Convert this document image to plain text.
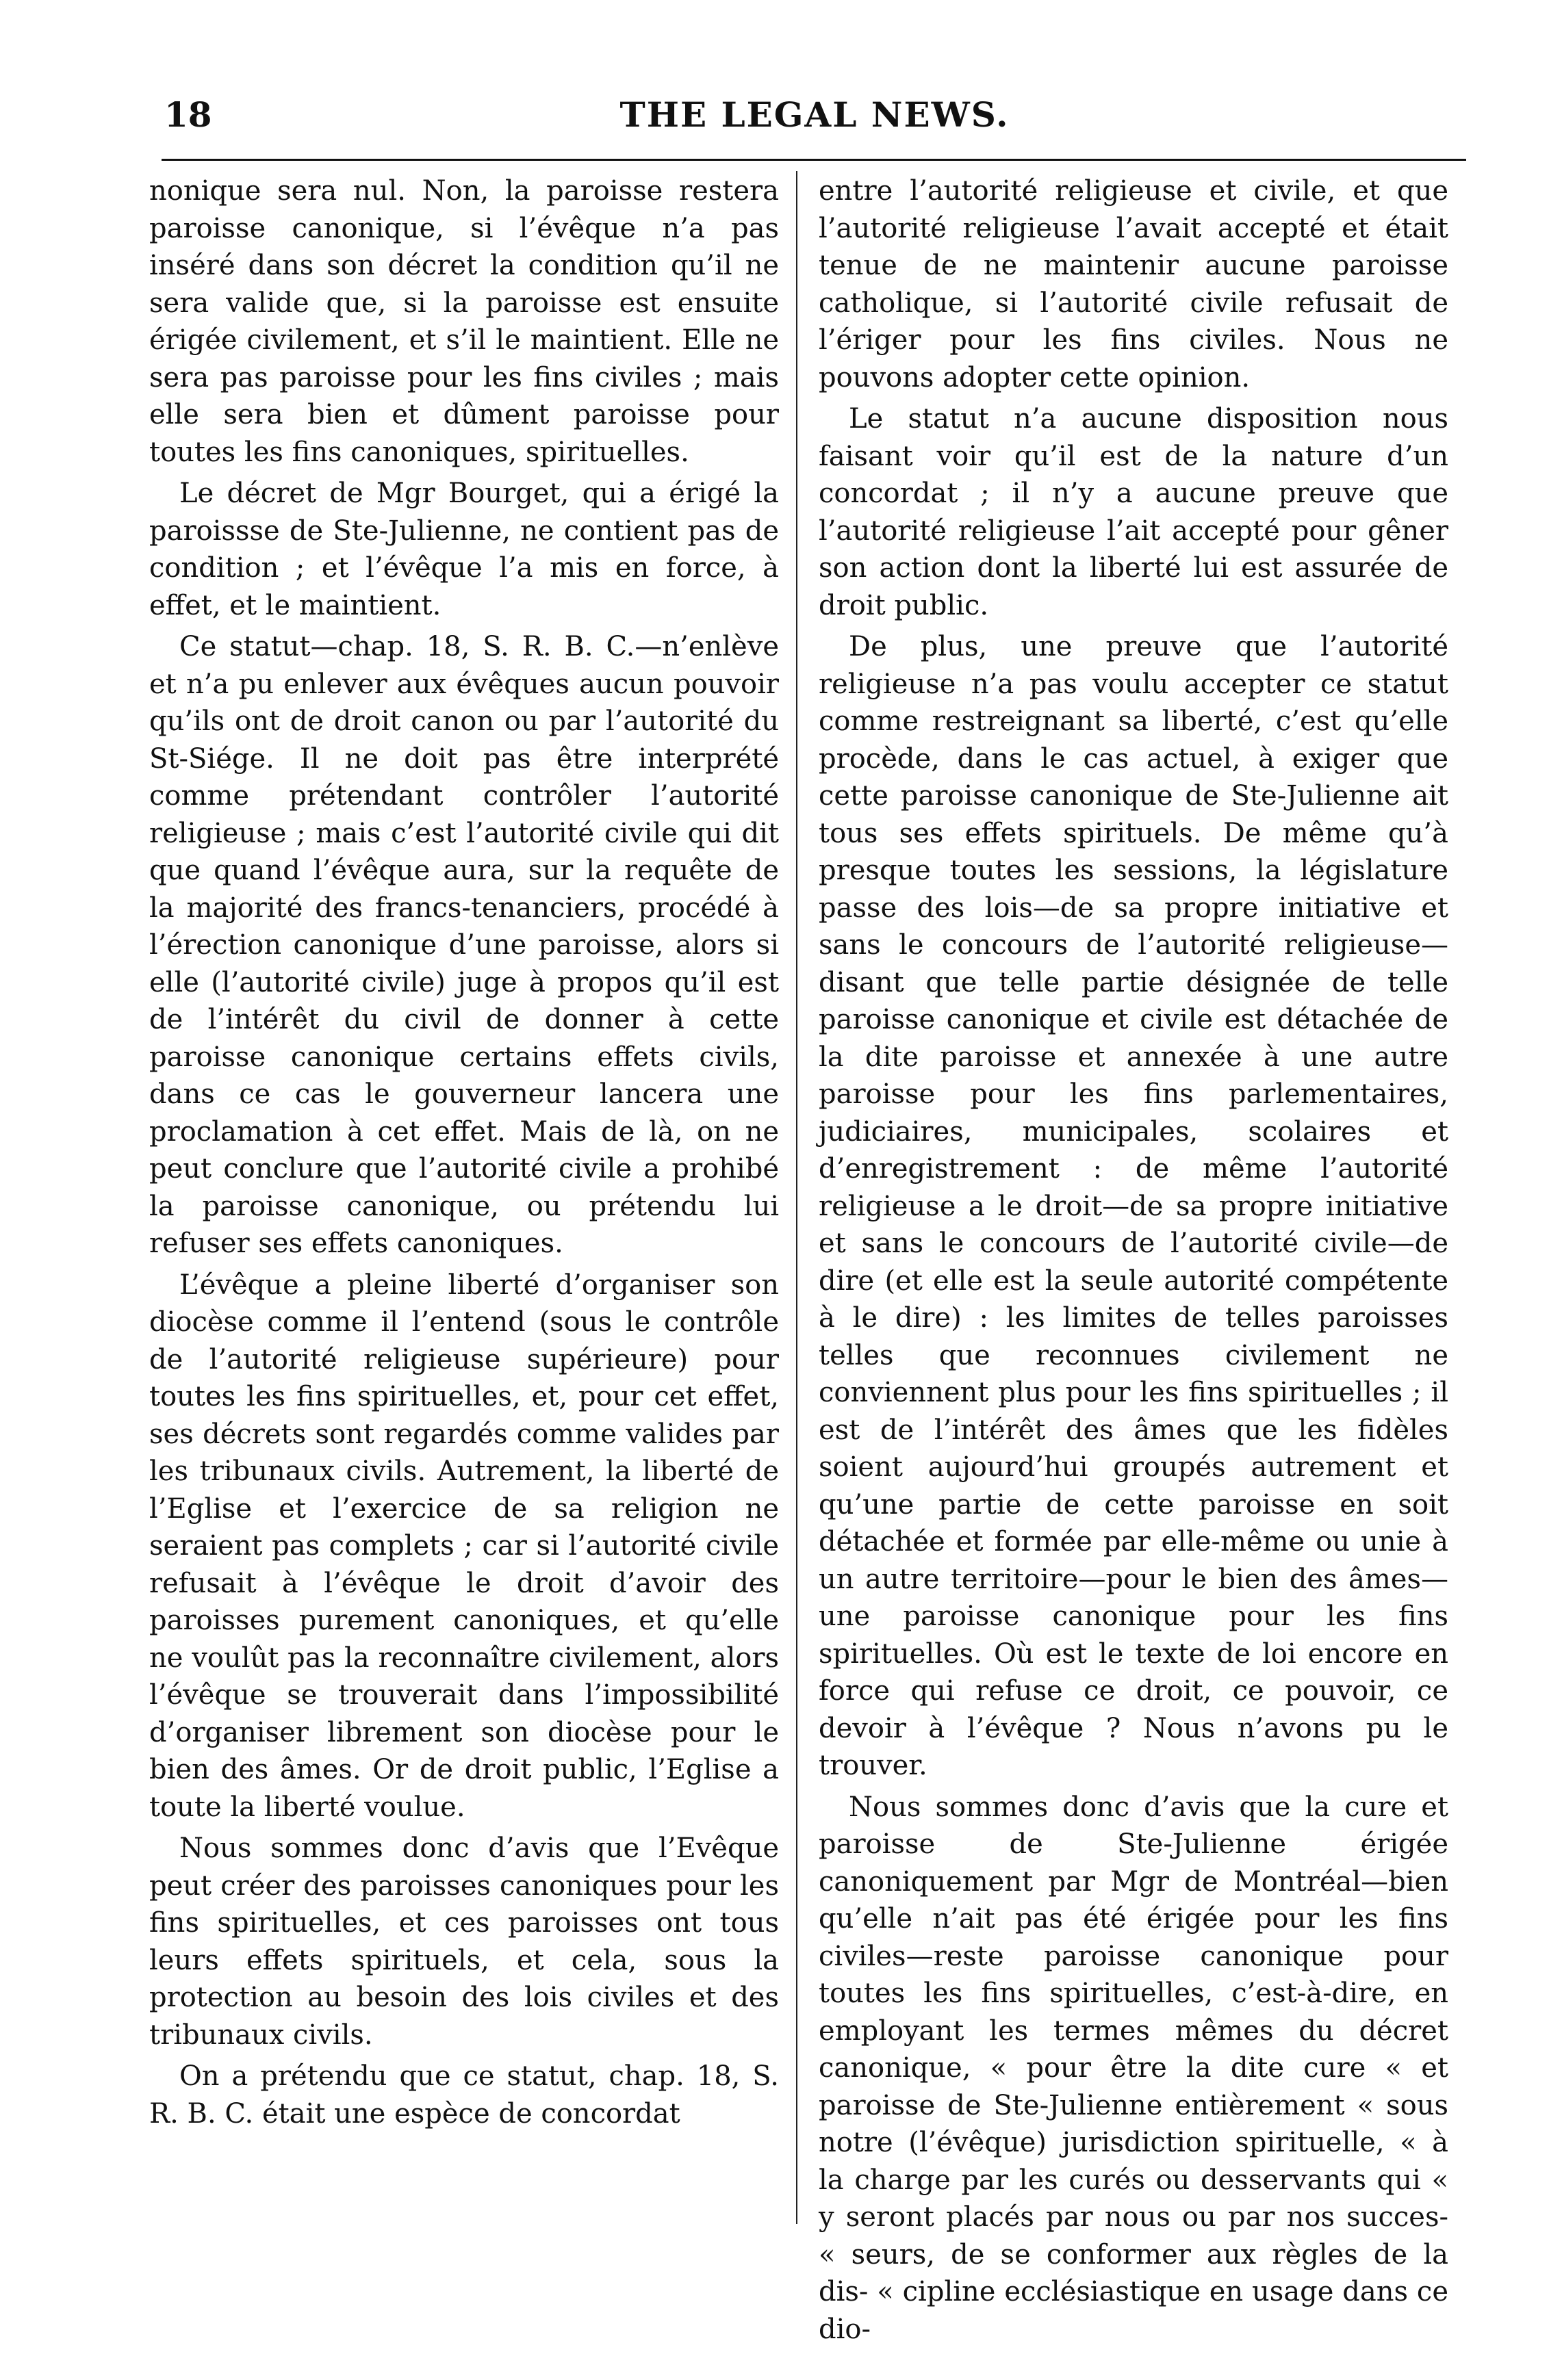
18	THE LEGAL NEWS.

nonique sera nul. Non, la paroisse restera paroisse canonique, si l’évêque n’a pas inséré dans son décret la condition qu’il ne sera valide que, si la paroisse est ensuite érigée civilement, et s’il le maintient. Elle ne sera pas paroisse pour les fins civiles ; mais elle sera bien et dûment paroisse pour toutes les fins canoniques, spirituelles.

Le décret de Mgr Bourget, qui a érigé la paroissse de Ste-Julienne, ne contient pas de condition ; et l’évêque l’a mis en force, à effet, et le maintient.

Ce statut—chap. 18, S. R. B. C.—n’enlève et n’a pu enlever aux évêques aucun pouvoir qu’ils ont de droit canon ou par l’autorité du St-Siége. Il ne doit pas être interprété comme prétendant contrôler l’autorité religieuse ; mais c’est l’autorité civile qui dit que quand l’évêque aura, sur la requête de la majorité des francs-tenanciers, procédé à l’érection canonique d’une paroisse, alors si elle (l’autorité civile) juge à propos qu’il est de l’intérêt du civil de donner à cette paroisse canonique certains effets civils, dans ce cas le gouverneur lancera une proclamation à cet effet. Mais de là, on ne peut conclure que l’autorité civile a prohibé la paroisse canonique, ou prétendu lui refuser ses effets canoniques.

L’évêque a pleine liberté d’organiser son diocèse comme il l’entend (sous le contrôle de l’autorité religieuse supérieure) pour toutes les fins spirituelles, et, pour cet effet, ses décrets sont regardés comme valides par les tribunaux civils. Autrement, la liberté de l’Eglise et l’exercice de sa religion ne seraient pas complets ; car si l’autorité civile refusait à l’évêque le droit d’avoir des paroisses purement canoniques, et qu’elle ne voulût pas la reconnaître civilement, alors l’évêque se trouverait dans l’impossibilité d’organiser librement son diocèse pour le bien des âmes. Or de droit public, l’Eglise a toute la liberté voulue.

Nous sommes donc d’avis que l’Evêque peut créer des paroisses canoniques pour les fins spirituelles, et ces paroisses ont tous leurs effets spirituels, et cela, sous la protection au besoin des lois civiles et des tribunaux civils.

On a prétendu que ce statut, chap. 18, S. R. B. C. était une espèce de concordat

entre l’autorité religieuse et civile, et que l’autorité religieuse l’avait accepté et était tenue de ne maintenir aucune paroisse catholique, si l’autorité civile refusait de l’ériger pour les fins civiles. Nous ne pouvons adopter cette opinion.

Le statut n’a aucune disposition nous faisant voir qu’il est de la nature d’un concordat ; il n’y a aucune preuve que l’autorité religieuse l’ait accepté pour gêner son action dont la liberté lui est assurée de droit public.

De plus, une preuve que l’autorité religieuse n’a pas voulu accepter ce statut comme restreignant sa liberté, c’est qu’elle procède, dans le cas actuel, à exiger que cette paroisse canonique de Ste-Julienne ait tous ses effets spirituels. De même qu’à presque toutes les sessions, la législature passe des lois—de sa propre initiative et sans le concours de l’autorité religieuse—disant que telle partie désignée de telle paroisse canonique et civile est détachée de la dite paroisse et annexée à une autre paroisse pour les fins parlementaires, judiciaires, municipales, scolaires et d’enregistrement : de même l’autorité religieuse a le droit—de sa propre initiative et sans le concours de l’autorité civile—de dire (et elle est la seule autorité compétente à le dire) : les limites de telles paroisses telles que reconnues civilement ne conviennent plus pour les fins spirituelles ; il est de l’intérêt des âmes que les fidèles soient aujourd’hui groupés autrement et qu’une partie de cette paroisse en soit détachée et formée par elle-même ou unie à un autre territoire—pour le bien des âmes—une paroisse canonique pour les fins spirituelles. Où est le texte de loi encore en force qui refuse ce droit, ce pouvoir, ce devoir à l’évêque ? Nous n’avons pu le trouver.

Nous sommes donc d’avis que la cure et paroisse de Ste-Julienne érigée canoniquement par Mgr de Montréal—bien qu’elle n’ait pas été érigée pour les fins civiles—reste paroisse canonique pour toutes les fins spirituelles, c’est-à-dire, en employant les termes mêmes du décret canonique, « pour être la dite cure « et paroisse de Ste-Julienne entièrement « sous notre (l’évêque) jurisdiction spirituelle, « à la charge par les curés ou desservants qui « y seront placés par nous ou par nos succes- « seurs, de se conformer aux règles de la dis- « cipline ecclésiastique en usage dans ce dio-
